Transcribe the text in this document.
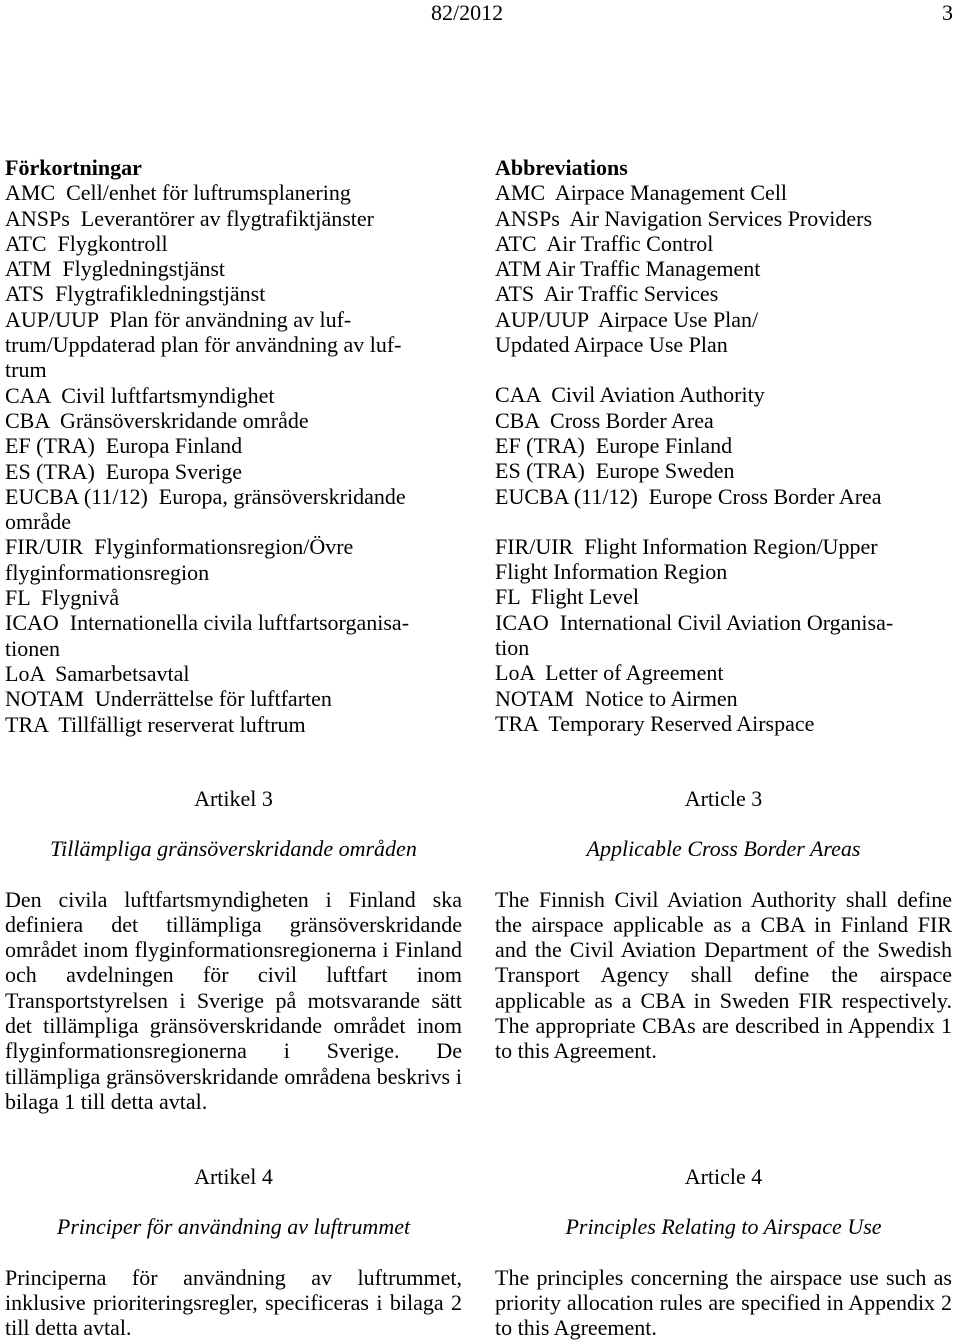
82/2012	3
Förkortningar
AMC  Cell/enhet för luftrumsplanering
ANSPs  Leverantörer av flygtrafiktjänster
ATC  Flygkontroll
ATM  Flygledningstjänst
ATS  Flygtrafikledningstjänst
AUP/UUP  Plan för användning av luf-
trum/Uppdaterad plan för användning av luf-
trum
CAA  Civil luftfartsmyndighet
CBA  Gränsöverskridande område
EF (TRA)  Europa Finland
ES (TRA)  Europa Sverige
EUCBA (11/12)  Europa, gränsöverskridande
område
FIR/UIR  Flyginformationsregion/Övre
flyginformationsregion
FL  Flygnivå
ICAO  Internationella civila luftfartsorganisa-
tionen
LoA  Samarbetsavtal
NOTAM  Underrättelse för luftfarten
TRA  Tillfälligt reserverat luftrum
Abbreviations
AMC  Airpace Management Cell
ANSPs  Air Navigation Services Providers
ATC  Air Traffic Control
ATM Air Traffic Management
ATS  Air Traffic Services
AUP/UUP  Airpace Use Plan/
Updated Airpace Use Plan
CAA  Civil Aviation Authority
CBA  Cross Border Area
EF (TRA)  Europe Finland
ES (TRA)  Europe Sweden
EUCBA (11/12)  Europe Cross Border Area
FIR/UIR  Flight Information Region/Upper
Flight Information Region
FL  Flight Level
ICAO  International Civil Aviation Organisa-
tion
LoA  Letter of Agreement
NOTAM  Notice to Airmen
TRA  Temporary Reserved Airspace
Artikel 3
Tillämpliga gränsöverskridande områden
Den civila luftfartsmyndigheten i Finland ska definiera det tillämpliga gränsöverskridande området inom flyginformationsregionerna i Finland och avdelningen för civil luftfart inom Transportstyrelsen i Sverige på motsvarande sätt det tillämpliga gränsöverskridande området inom flyginformationsregionerna i Sverige. De tillämpliga gränsöverskridande områdena beskrivs i bilaga 1 till detta avtal.
Article 3
Applicable Cross Border Areas
The Finnish Civil Aviation Authority shall define the airspace applicable as a CBA in Finland FIR and the Civil Aviation Department of the Swedish Transport Agency shall define the airspace applicable as a CBA in Sweden FIR respectively. The appropriate CBAs are described in Appendix 1 to this Agreement.
Artikel 4
Principer för användning av luftrummet
Principerna för användning av luftrummet, inklusive prioriteringsregler, specificeras i bilaga 2 till detta avtal.
Article 4
Principles Relating to Airspace Use
The principles concerning the airspace use such as priority allocation rules are specified in Appendix 2 to this Agreement.
